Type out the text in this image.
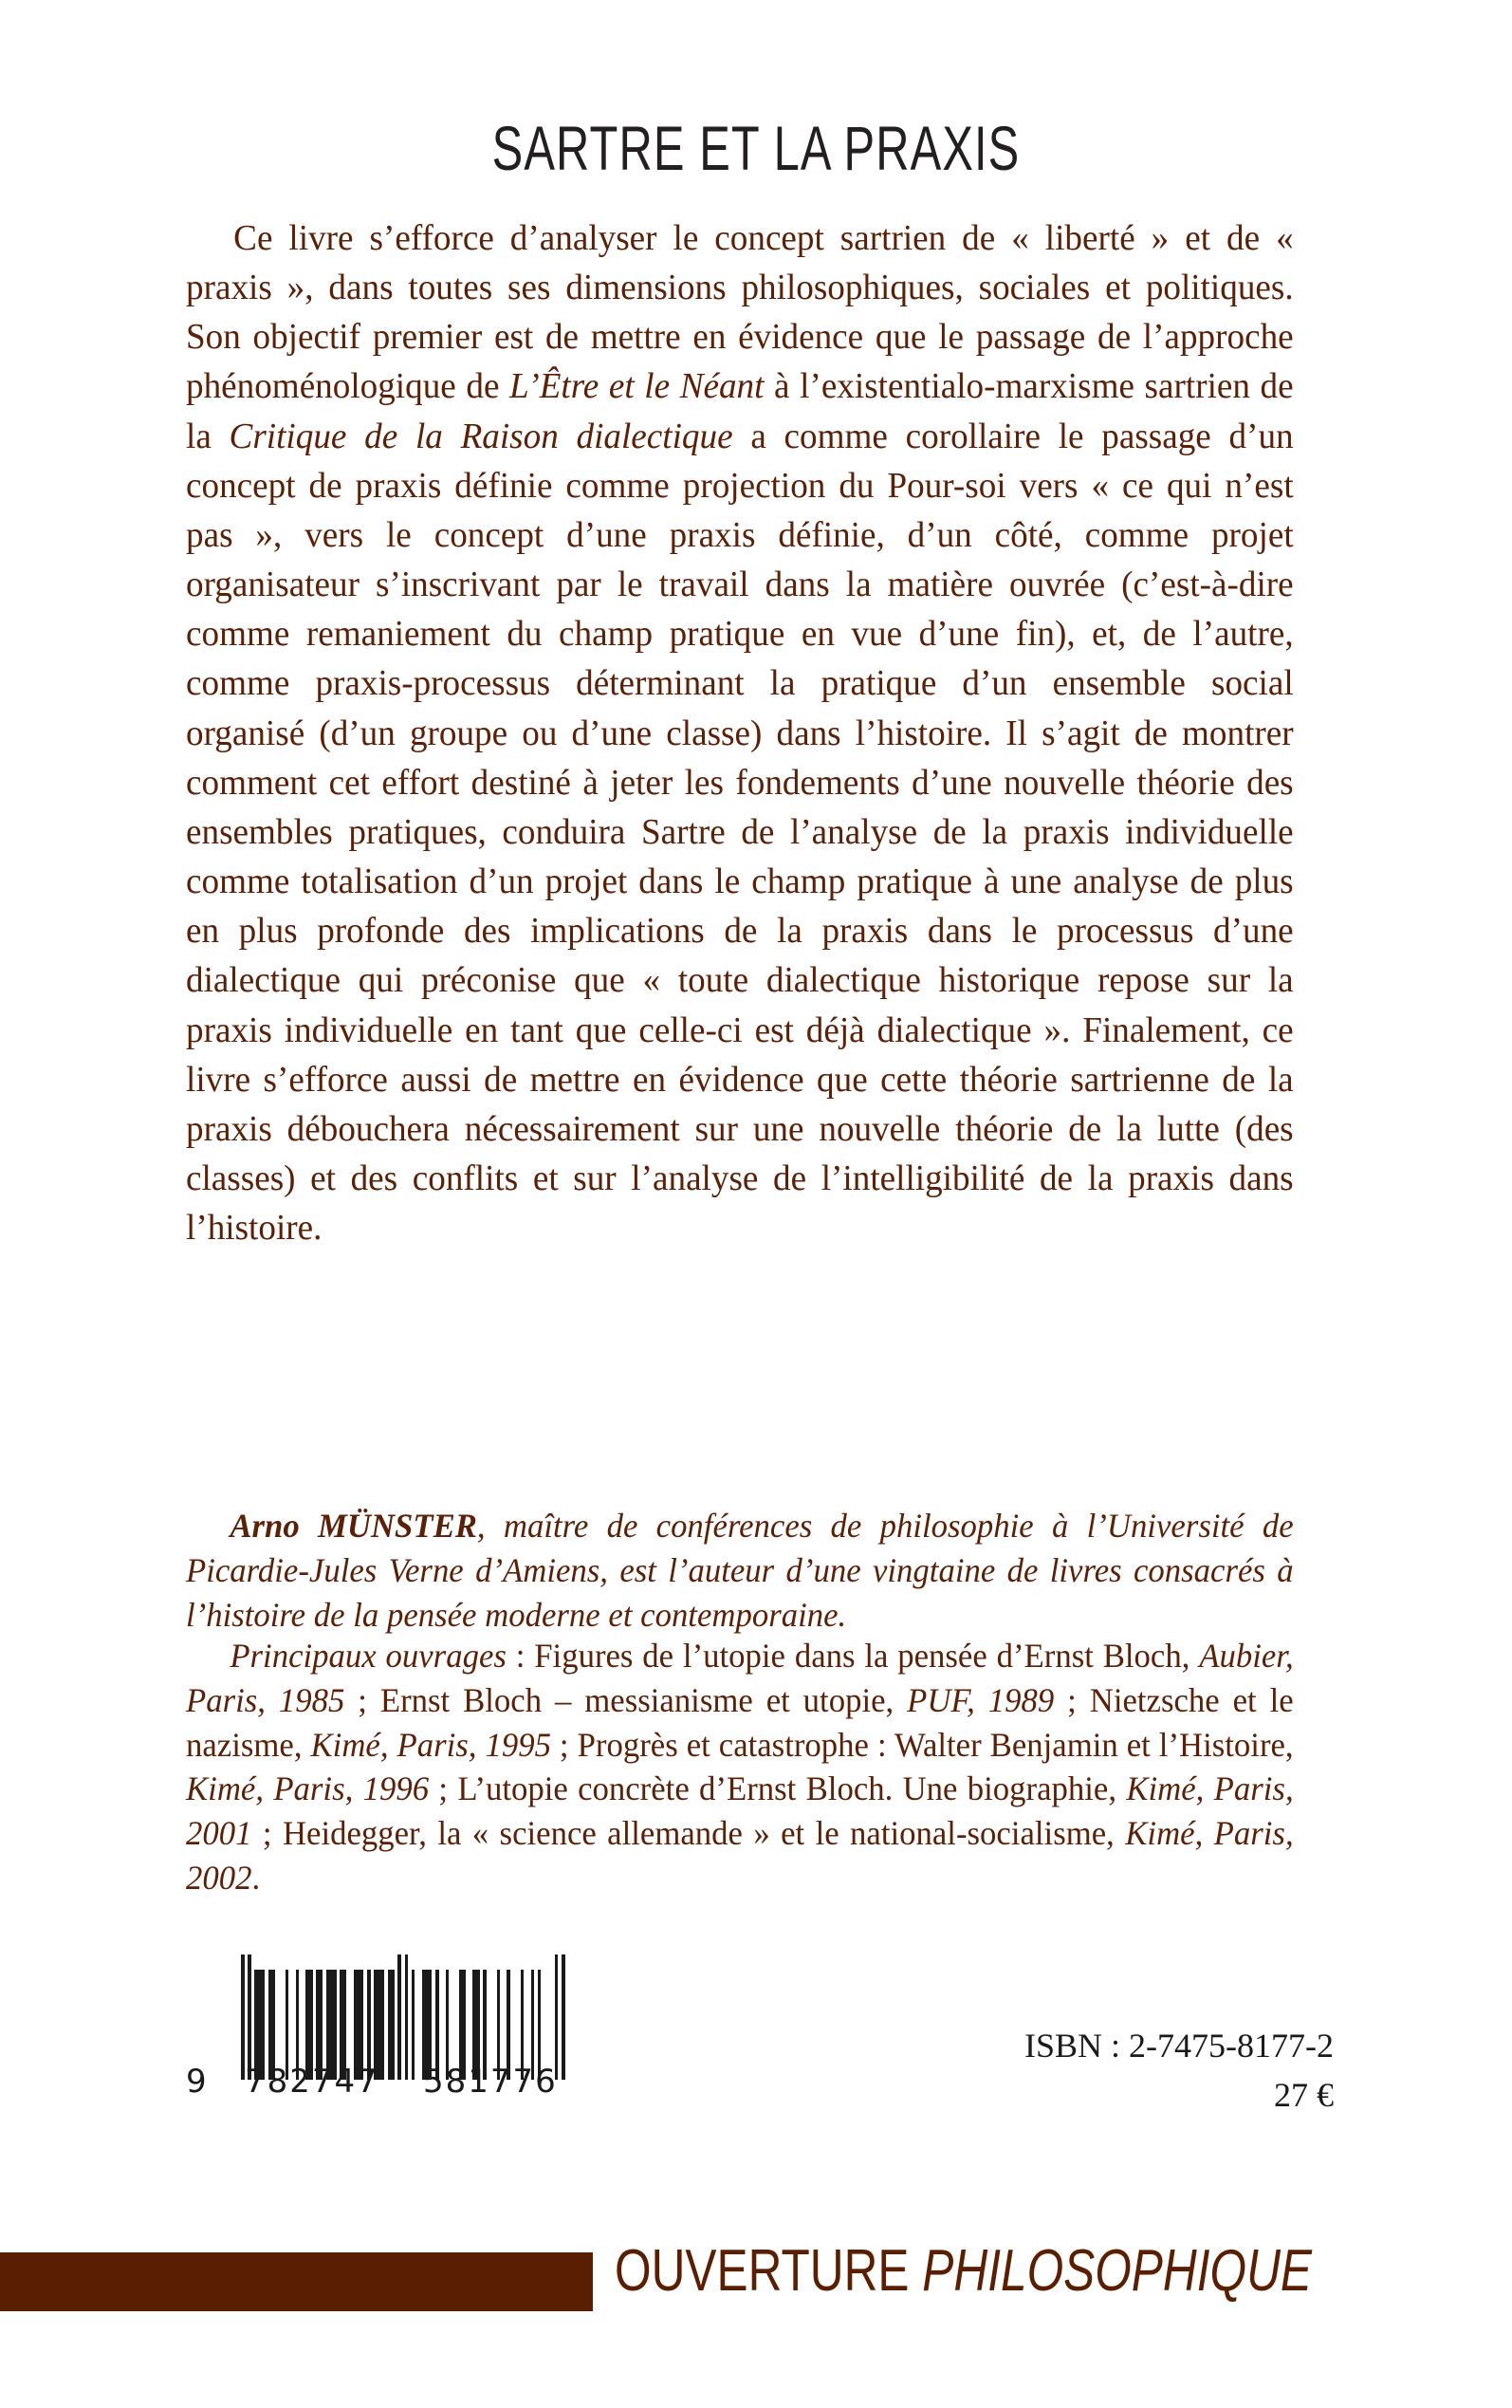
SARTRE ET LA PRAXIS

Ce livre s’efforce d’analyser le concept sartrien de « liberté » et de « praxis », dans toutes ses dimensions philosophiques, sociales et politiques. Son objectif premier est de mettre en évidence que le passage de l’approche phénoménologique de L’Être et le Néant à l’existentialo-marxisme sartrien de la Critique de la Raison dialectique a comme corollaire le passage d’un concept de praxis définie comme projection du Pour-soi vers « ce qui n’est pas », vers le concept d’une praxis définie, d’un côté, comme projet organisateur s’inscrivant par le travail dans la matière ouvrée (c’est-à-dire comme remaniement du champ pratique en vue d’une fin), et, de l’autre, comme praxis-processus déterminant la pratique d’un ensemble social organisé (d’un groupe ou d’une classe) dans l’histoire. Il s’agit de montrer comment cet effort destiné à jeter les fondements d’une nouvelle théorie des ensembles pratiques, conduira Sartre de l’analyse de la praxis individuelle comme totalisation d’un projet dans le champ pratique à une analyse de plus en plus profonde des implications de la praxis dans le processus d’une dialectique qui préconise que « toute dialectique historique repose sur la praxis individuelle en tant que celle-ci est déjà dialectique ». Finalement, ce livre s’efforce aussi de mettre en évidence que cette théorie sartrienne de la praxis débouchera nécessairement sur une nouvelle théorie de la lutte (des classes) et des conflits et sur l’analyse de l’intelligibilité de la praxis dans l’histoire.

Arno MÜNSTER, maître de conférences de philosophie à l’Université de Picardie-Jules Verne d’Amiens, est l’auteur d’une vingtaine de livres consacrés à l’histoire de la pensée moderne et contemporaine.

Principaux ouvrages : Figures de l’utopie dans la pensée d’Ernst Bloch, Aubier, Paris, 1985 ; Ernst Bloch – messianisme et utopie, PUF, 1989 ; Nietzsche et le nazisme, Kimé, Paris, 1995 ; Progrès et catastrophe : Walter Benjamin et l’Histoire, Kimé, Paris, 1996 ; L’utopie concrète d’Ernst Bloch. Une biographie, Kimé, Paris, 2001 ; Heidegger, la « science allemande » et le national-socialisme, Kimé, Paris, 2002.

9	782747	581776
ISBN : 2-7475-8177-2
27 €
OUVERTURE PHILOSOPHIQUE
